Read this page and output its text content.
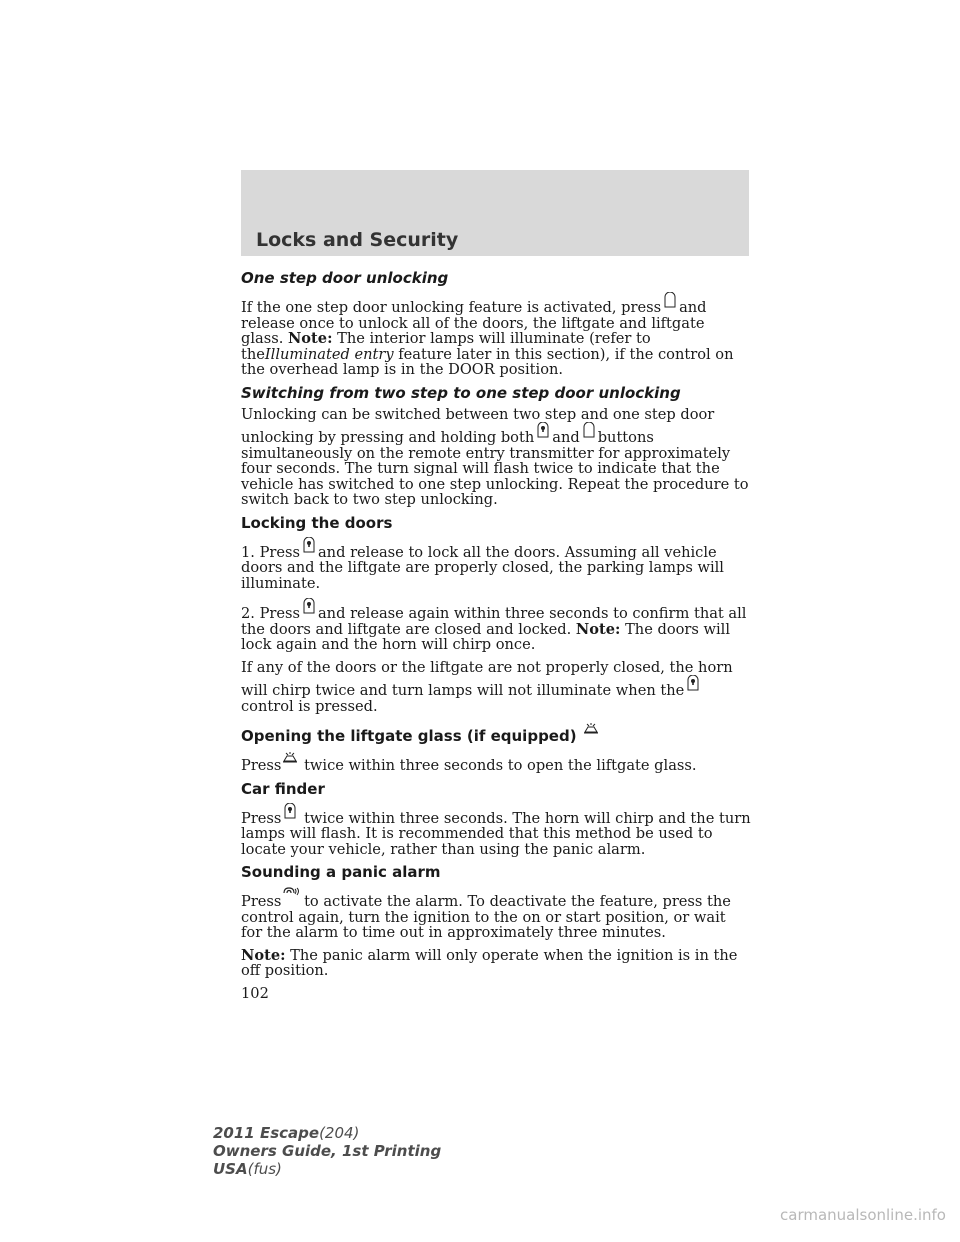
Locks and Security
One step door unlocking

If the one step door unlocking feature is activated, press and release once to unlock all of the doors, the liftgate and liftgate glass. Note: The interior lamps will illuminate (refer to theIlluminated entry feature later in this section), if the control on the overhead lamp is in the DOOR position.

Switching from two step to one step door unlocking

Unlocking can be switched between two step and one step door unlocking by pressing and holding both and buttons simultaneously on the remote entry transmitter for approximately four seconds. The turn signal will flash twice to indicate that the vehicle has switched to one step unlocking. Repeat the procedure to switch back to two step unlocking.

Locking the doors

1. Press and release to lock all the doors. Assuming all vehicle doors and the liftgate are properly closed, the parking lamps will illuminate.

2. Press and release again within three seconds to confirm that all the doors and liftgate are closed and locked. Note: The doors will lock again and the horn will chirp once.

If any of the doors or the liftgate are not properly closed, the horn will chirp twice and turn lamps will not illuminate when the
control is pressed.

Opening the liftgate glass (if equipped)

Press twice within three seconds to open the liftgate glass.

Car finder

Press twice within three seconds. The horn will chirp and the turn lamps will flash. It is recommended that this method be used to locate your vehicle, rather than using the panic alarm.

Sounding a panic alarm

Press to activate the alarm. To deactivate the feature, press the control again, turn the ignition to the on or start position, or wait for the alarm to time out in approximately three minutes.

Note: The panic alarm will only operate when the ignition is in the off position.

102
2011 Escape(204)
Owners Guide, 1st Printing
USA(fus)
carmanualsonline.info
